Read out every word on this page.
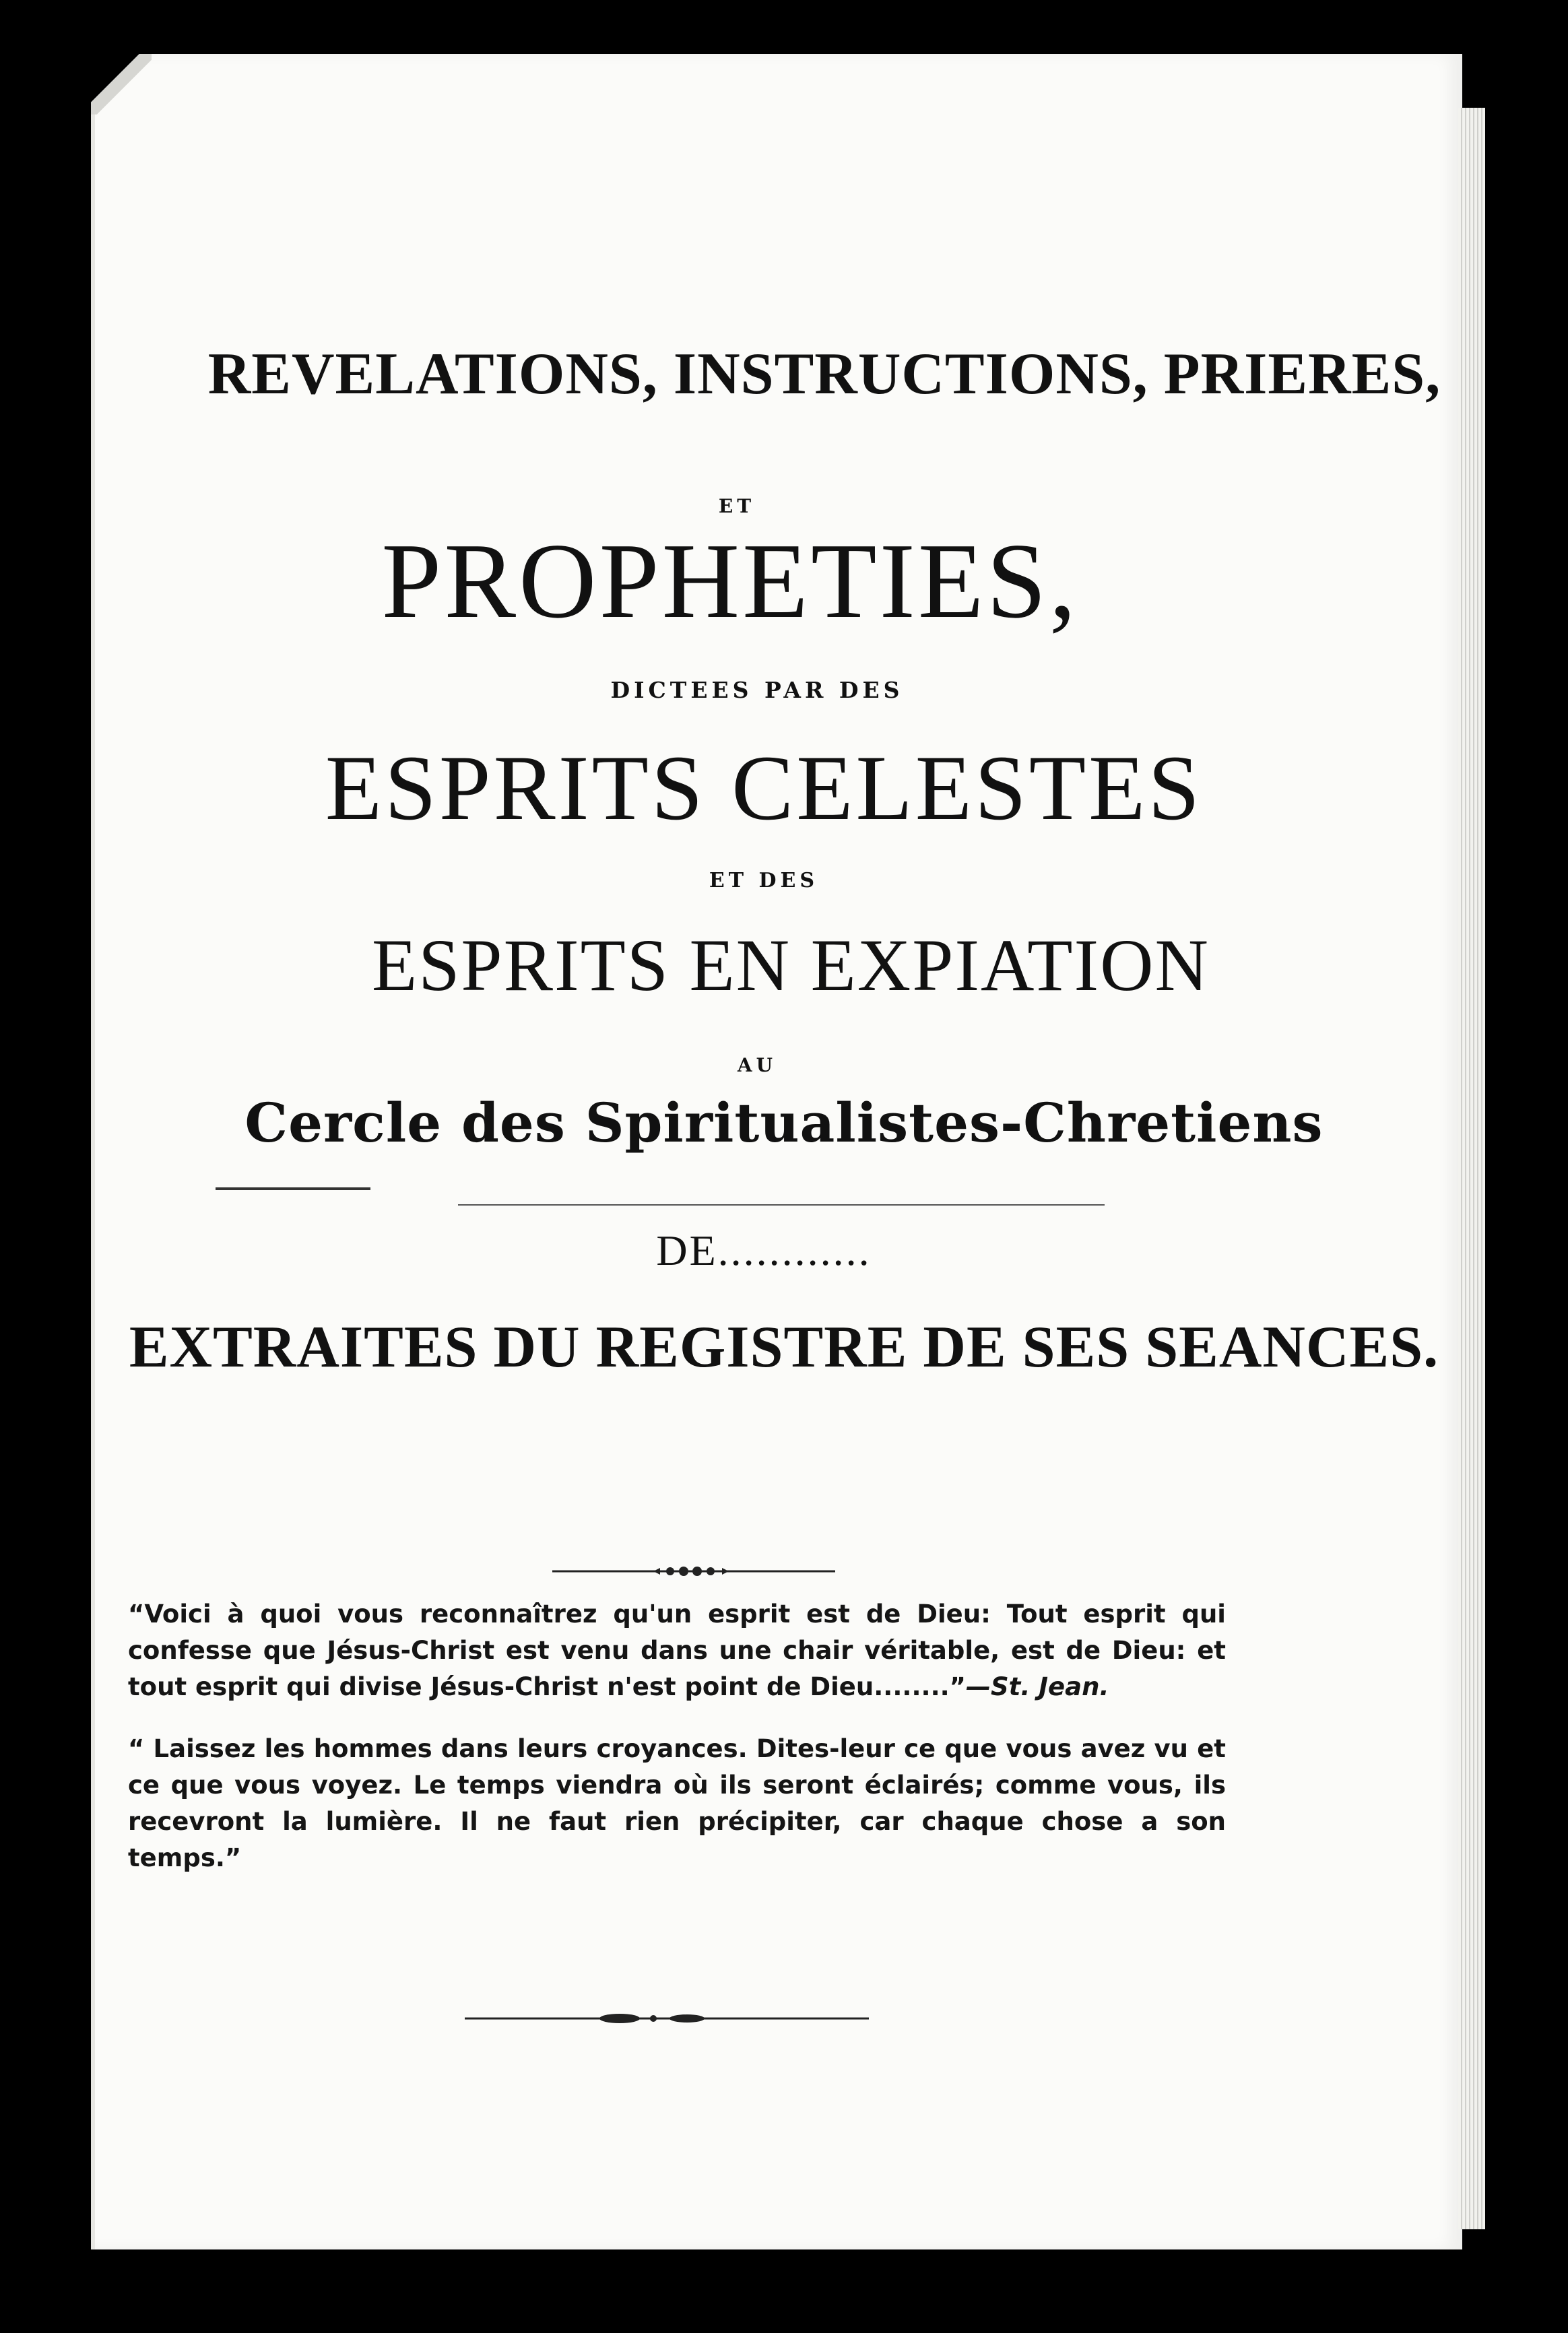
REVELATIONS, INSTRUCTIONS, PRIERES,
ET
PROPHETIES,
DICTEES PAR DES
ESPRITS CELESTES
ET DES
ESPRITS EN EXPIATION
AU
Cercle des Spiritualistes-Chretiens
DE............
EXTRAITES DU REGISTRE DE SES SEANCES.
“Voici à quoi vous reconnaîtrez qu'un esprit est de Dieu: Tout esprit qui confesse que Jésus-Christ est venu dans une chair véritable, est de Dieu: et tout esprit qui divise Jésus-Christ n'est point de Dieu........”—St. Jean.
“ Laissez les hommes dans leurs croyances. Dites-leur ce que vous avez vu et ce que vous voyez. Le temps viendra où ils seront éclairés; comme vous, ils recevront la lumière. Il ne faut rien précipiter, car chaque chose a son temps.”
